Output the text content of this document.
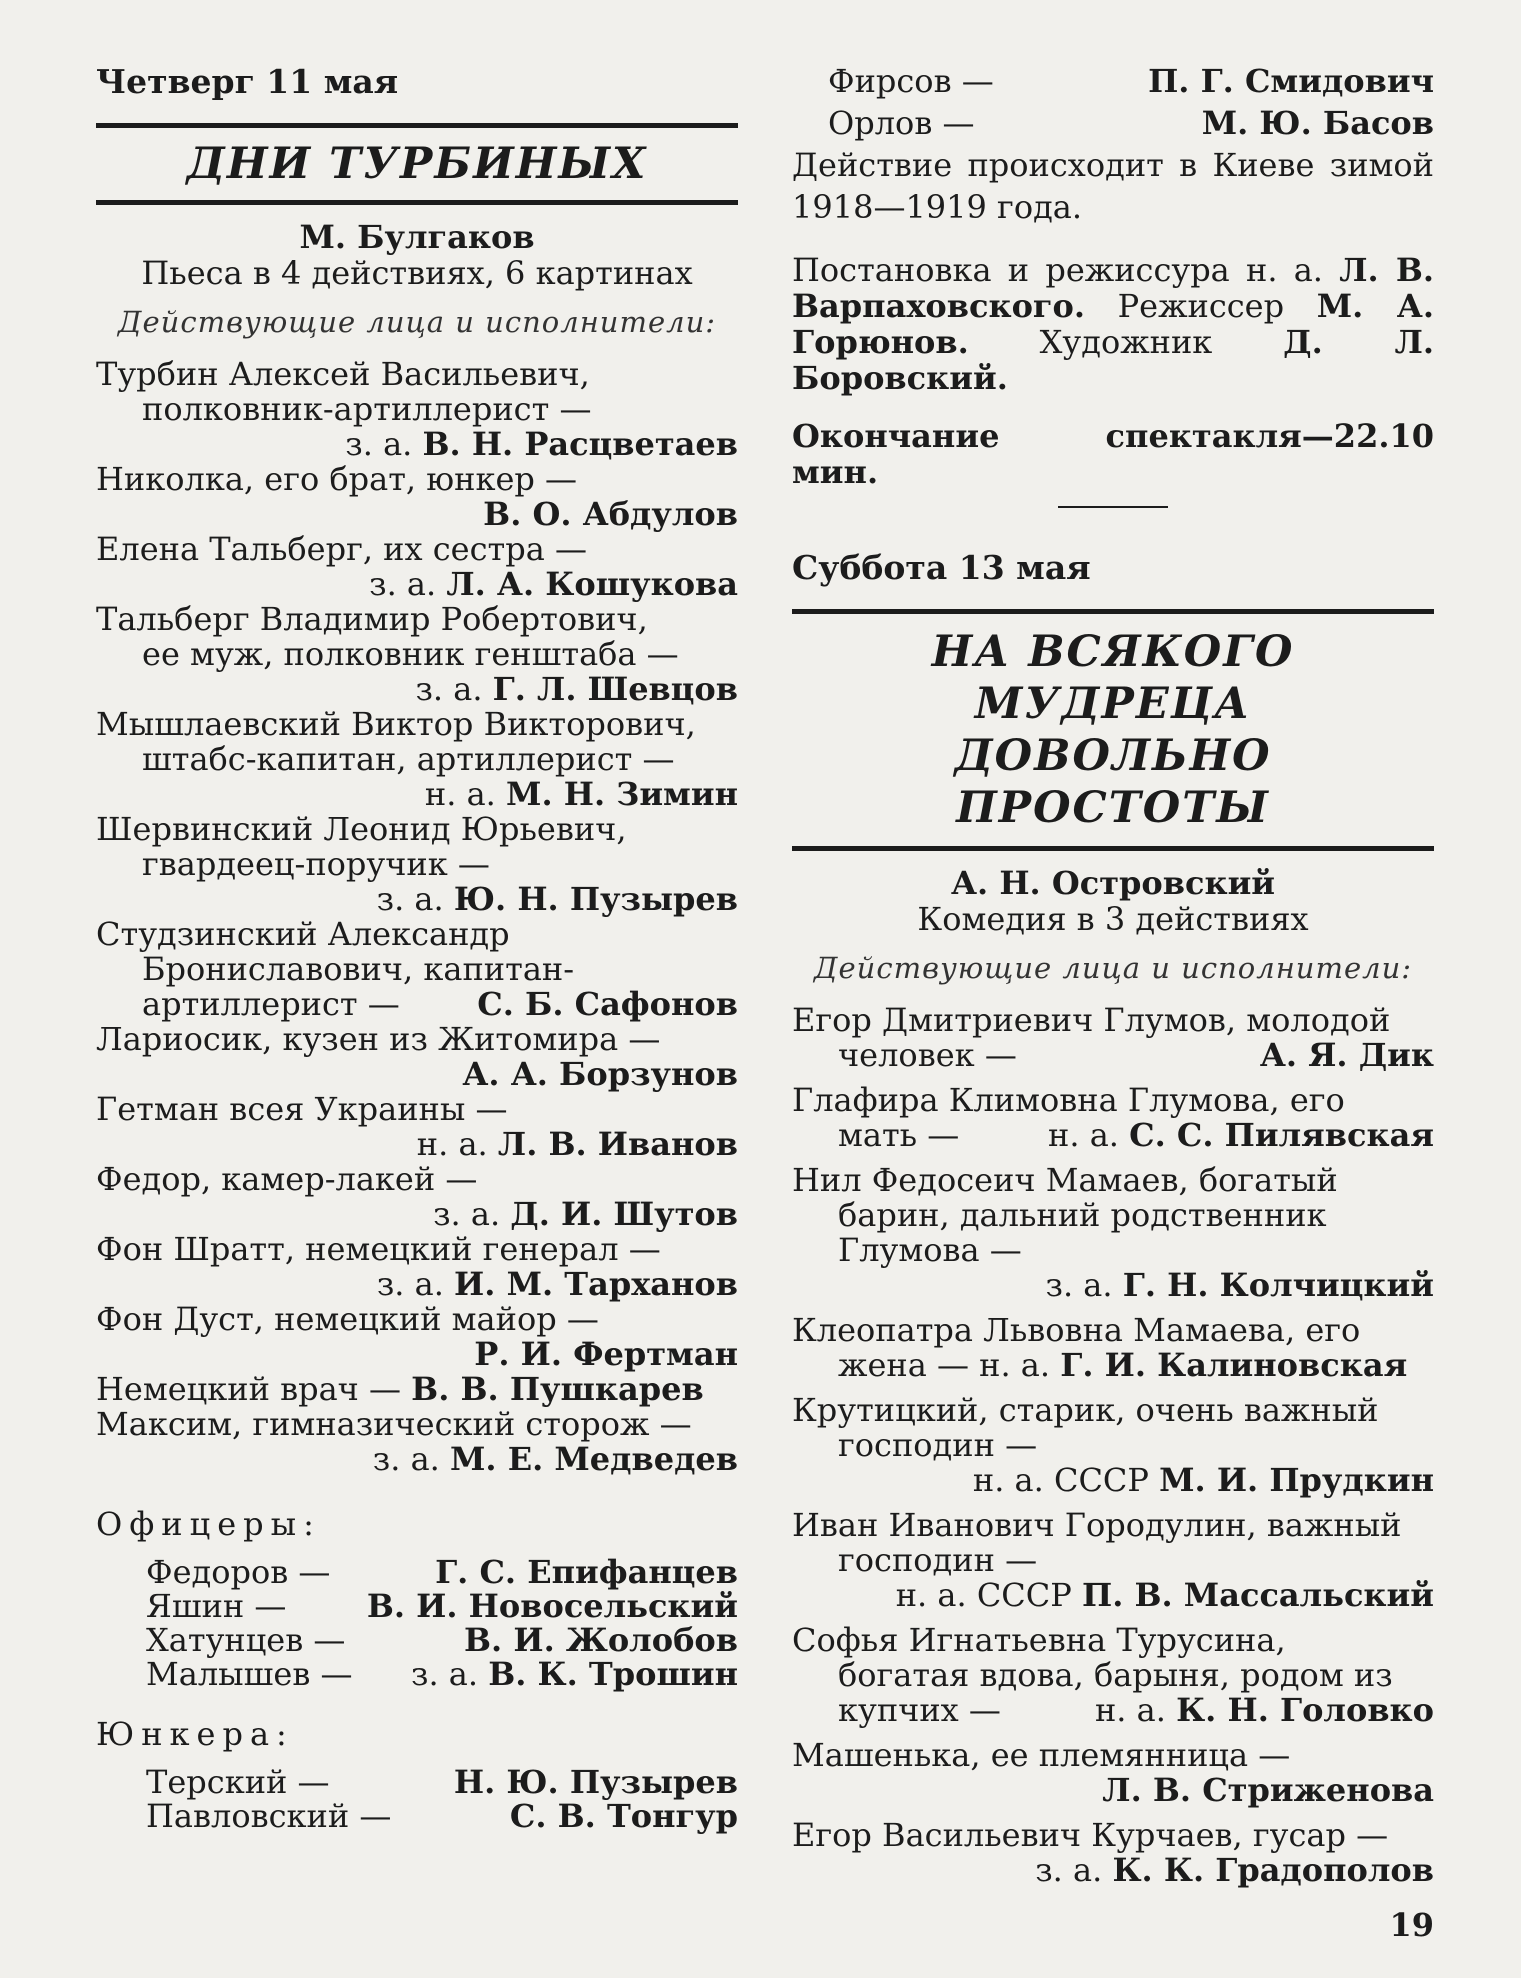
Четверг 11 мая
ДНИ ТУРБИНЫХ
М. Булгаков
Пьеса в 4 действиях, 6 картинах
Действующие лица и исполнители:
Турбин Алексей Васильевич,
полковник-артиллерист —
з. а. В. Н. Расцветаев
Николка, его брат, юнкер —
В. О. Абдулов
Елена Тальберг, их сестра —
з. а. Л. А. Кошукова
Тальберг Владимир Робертович,
ее муж, полковник генштаба —
з. а. Г. Л. Шевцов
Мышлаевский Виктор Викторович,
штабс-капитан, артиллерист —
н. а. М. Н. Зимин
Шервинский Леонид Юрьевич,
гвардеец-поручик —
з. а. Ю. Н. Пузырев
Студзинский Александр
Брониславович, капитан-
артиллерист — С. Б. Сафонов
Лариосик, кузен из Житомира —
А. А. Борзунов
Гетман всея Украины —
н. а. Л. В. Иванов
Федор, камер-лакей —
з. а. Д. И. Шутов
Фон Шратт, немецкий генерал —
з. а. И. М. Тарханов
Фон Дуст, немецкий майор —
Р. И. Фертман
Немецкий врач — В. В. Пушкарев
Максим, гимназический сторож —
з. а. М. Е. Медведев
Офицеры:
Федоров —	Г. С. Епифанцев
Яшин —	В. И. Новосельский
Хатунцев —	В. И. Жолобов
Малышев — з. а. В. К. Трошин
Юнкера:
Терский —	Н. Ю. Пузырев
Павловский —	С. В. Тонгур
Фирсов —	П. Г. Смидович
Орлов —	М. Ю. Басов
Действие происходит в Киеве зимой 1918—1919 года.
Постановка и режиссура н. а. Л. В. Варпаховского. Режиссер М. А. Горюнов. Художник Д. Л. Боровский.
Окончание спектакля—22.10 мин.
Суббота 13 мая
НА ВСЯКОГО МУДРЕЦА
ДОВОЛЬНО ПРОСТОТЫ
А. Н. Островский
Комедия в 3 действиях
Действующие лица и исполнители:
Егор Дмитриевич Глумов, молодой
человек —	А. Я. Дик
Глафира Климовна Глумова, его
мать —	н. а. С. С. Пилявская
Нил Федосеич Мамаев, богатый
барин, дальний родственник
Глумова —
з. а. Г. Н. Колчицкий
Клеопатра Львовна Мамаева, его
жена — н. а. Г. И. Калиновская
Крутицкий, старик, очень важный
господин —
н. а. СССР М. И. Прудкин
Иван Иванович Городулин, важный
господин —
н. а. СССР П. В. Массальский
Софья Игнатьевна Турусина,
богатая вдова, барыня, родом из
купчих —	н. а. К. Н. Головко
Машенька, ее племянница —
Л. В. Стриженова
Егор Васильевич Курчаев, гусар —
з. а. К. К. Градополов
19
